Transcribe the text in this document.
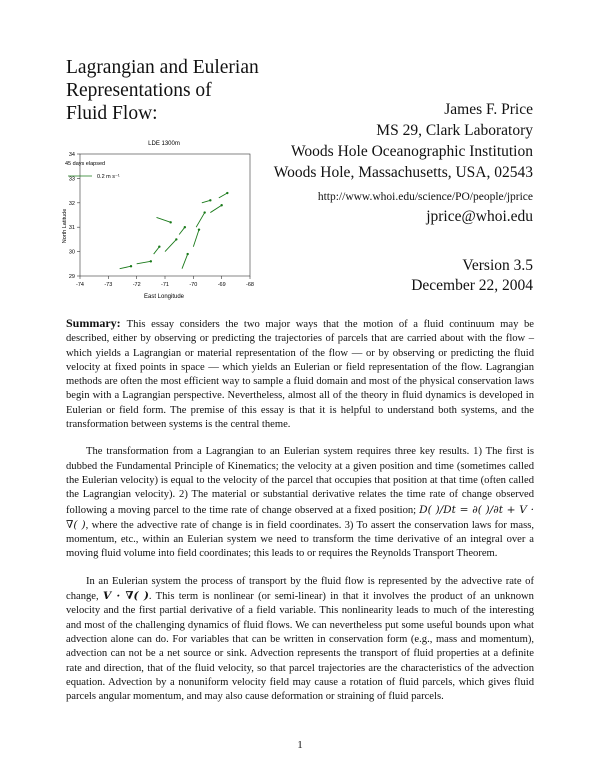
Lagrangian and Eulerian
Representations of
Fluid Flow:	James F. Price
MS 29, Clark Laboratory
Woods Hole Oceanographic Institution
Woods Hole, Massachusetts, USA, 02543
http://www.whoi.edu/science/PO/people/jprice
jprice@whoi.edu
Version 3.5
December 22, 2004
LDE 1300m
North Latitude
East Longitude
45 days elapsed
0.2 m s⁻¹
-74	-73	-72	-71	-70	-69	-68
34
33
32
31
30
29

Summary: This essay considers the two major ways that the motion of a fluid continuum may be described, either by observing or predicting the trajectories of parcels that are carried about with the flow – which yields a Lagrangian or material representation of the flow — or by observing or predicting the fluid velocity at fixed points in space — which yields an Eulerian or field representation of the flow. Lagrangian methods are often the most efficient way to sample a fluid domain and most of the physical conservation laws begin with a Lagrangian perspective. Nevertheless, almost all of the theory in fluid dynamics is developed in Eulerian or field form. The premise of this essay is that it is helpful to understand both systems, and the transformation between systems is the central theme.

The transformation from a Lagrangian to an Eulerian system requires three key results. 1) The first is dubbed the Fundamental Principle of Kinematics; the velocity at a given position and time (sometimes called the Eulerian velocity) is equal to the velocity of the parcel that occupies that position at that time (often called the Lagrangian velocity). 2) The material or substantial derivative relates the time rate of change observed following a moving parcel to the time rate of change observed at a fixed position; D( )/Dt = ∂( )/∂t + V · ∇( ), where the advective rate of change is in field coordinates. 3) To assert the conservation laws for mass, momentum, etc., within an Eulerian system we need to transform the time derivative of an integral over a moving fluid volume into field coordinates; this leads to or requires the Reynolds Transport Theorem.

In an Eulerian system the process of transport by the fluid flow is represented by the advective rate of change, V · ∇( ). This term is nonlinear (or semi-linear) in that it involves the product of an unknown velocity and the first partial derivative of a field variable. This nonlinearity leads to much of the interesting and most of the challenging dynamics of fluid flows. We can nevertheless put some useful bounds upon what advection alone can do. For variables that can be written in conservation form (e.g., mass and momentum), advection can not be a net source or sink. Advection represents the transport of fluid properties at a definite rate and direction, that of the fluid velocity, so that parcel trajectories are the characteristics of the advection equation. Advection by a nonuniform velocity field may cause a rotation of fluid parcels, which gives fluid parcels angular momentum, and may also cause deformation or straining of fluid parcels.

1
